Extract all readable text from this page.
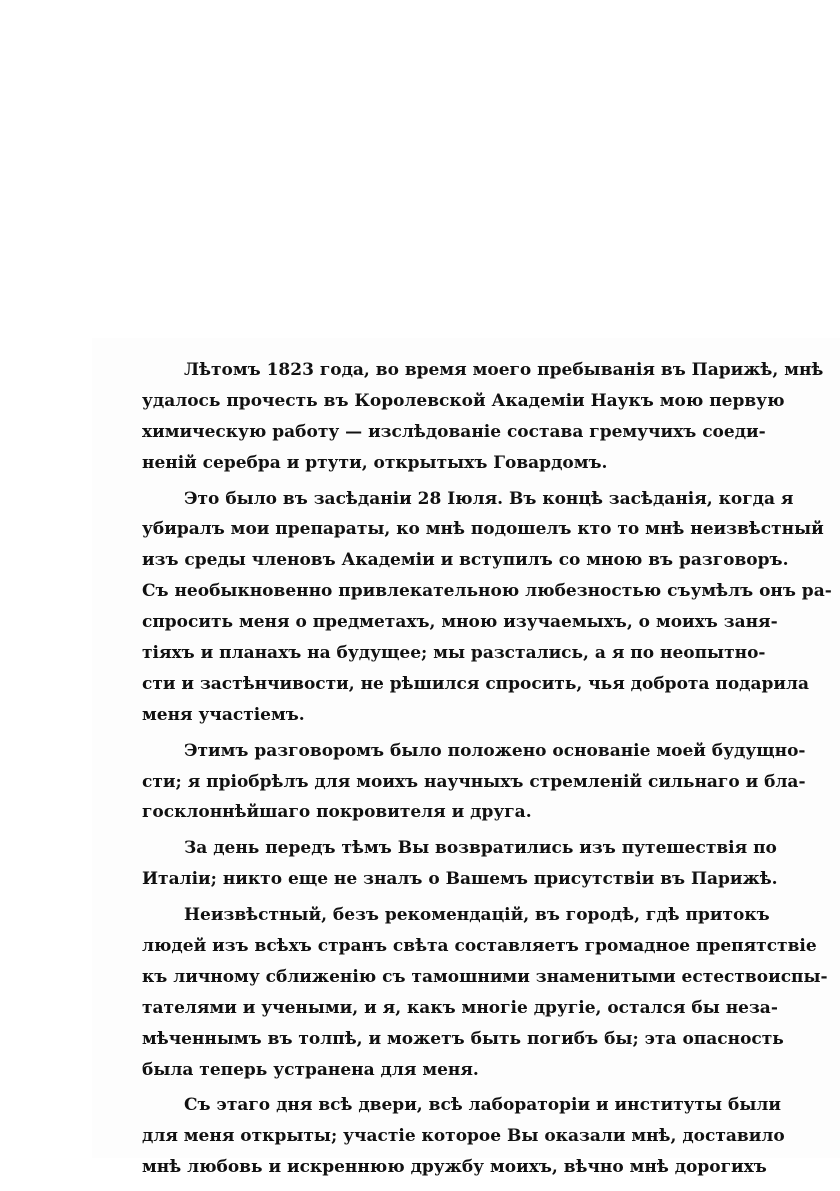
Лѣтомъ 1823 года, во время моего пребыванія въ Парижѣ, мнѣ
удалось прочесть въ Королевской Академіи Наукъ мою первую
химическую работу — изслѣдованіе состава гремучихъ соеди-
неній серебра и ртути, открытыхъ Говардомъ.
Это было въ засѣданіи 28 Іюля. Въ концѣ засѣданія, когда я
убиралъ мои препараты, ко мнѣ подошелъ кто то мнѣ неизвѣстный
изъ среды членовъ Академіи и вступилъ со мною въ разговоръ.
Съ необыкновенно привлекательною любезностью съумѣлъ онъ ра-
спросить меня о предметахъ, мною изучаемыхъ, о моихъ заня-
тіяхъ и планахъ на будущее; мы разстались, а я по неопытно-
сти и застѣнчивости, не рѣшился спросить, чья доброта подарила
меня участіемъ.
Этимъ разговоромъ было положено основаніе моей будущно-
сти; я пріобрѣлъ для моихъ научныхъ стремленій сильнаго и бла-
госклоннѣйшаго покровителя и друга.
За день передъ тѣмъ Вы возвратились изъ путешествія по
Италіи; никто еще не зналъ о Вашемъ присутствіи въ Парижѣ.
Неизвѣстный, безъ рекомендацій, въ городѣ, гдѣ притокъ
людей изъ всѣхъ странъ свѣта составляетъ громадное препятствіе
къ личному сближенію съ тамошними знаменитыми естествоиспы-
тателями и учеными, и я, какъ многіе другіе, остался бы неза-
мѣченнымъ въ толпѣ, и можетъ быть погибъ бы; эта опасность
была теперь устранена для меня.
Съ этаго дня всѣ двери, всѣ лабораторіи и институты были
для меня открыты; участіе которое Вы оказали мнѣ, доставило
мнѣ любовь и искреннюю дружбу моихъ, вѣчно мнѣ дорогихъ
